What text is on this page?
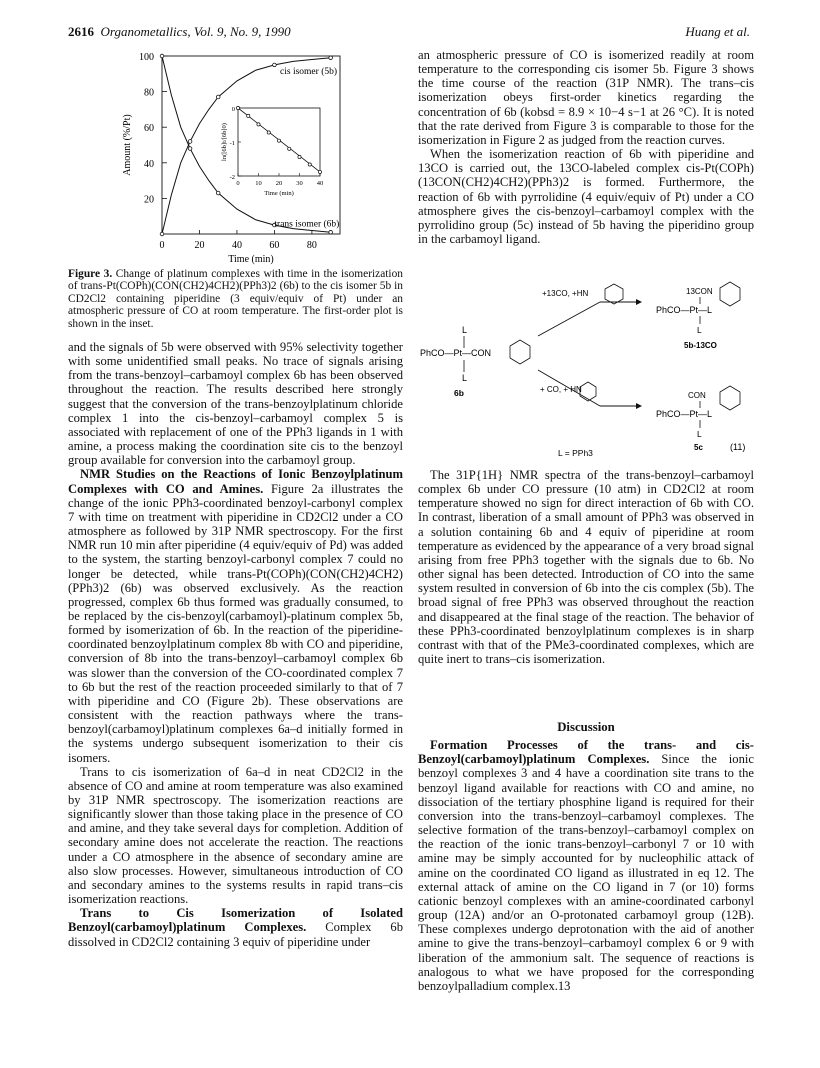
2616 Organometallics, Vol. 9, No. 9, 1990	Huang et al.
20
40
60
80
100
0	20	40	60	80
Time (min)
Amount (%/Pt)
cis isomer (5b)
trans isomer (6b)
0
-1
-2
0 10 20 30 40
Time (min)
ln([6b]t/[6b]0)
Figure 3. Change of platinum complexes with time in the isomerization of trans-Pt(COPh)(CON(CH2)4CH2)(PPh3)2 (6b) to the cis isomer 5b in CD2Cl2 containing piperidine (3 equiv/equiv of Pt) under an atmospheric pressure of CO at room temperature. The first-order plot is shown in the inset.

and the signals of 5b were observed with 95% selectivity together with some unidentified small peaks. No trace of signals arising from the trans-benzoyl–carbamoyl complex 6b has been observed throughout the reaction. The results described here strongly suggest that the conversion of the trans-benzoylplatinum chloride complex 1 into the cis-benzoyl–carbamoyl complex 5 is associated with replacement of one of the PPh3 ligands in 1 with amine, a process making the coordination site cis to the benzoyl group available for conversion into the carbamoyl group.

NMR Studies on the Reactions of Ionic Benzoylplatinum Complexes with CO and Amines. Figure 2a illustrates the change of the ionic PPh3-coordinated benzoyl-carbonyl complex 7 with time on treatment with piperidine in CD2Cl2 under a CO atmosphere as followed by 31P NMR spectroscopy. For the first NMR run 10 min after piperidine (4 equiv/equiv of Pd) was added to the system, the starting benzoyl-carbonyl complex 7 could no longer be detected, while trans-Pt(COPh)(CON(CH2)4CH2)(PPh3)2 (6b) was observed exclusively. As the reaction progressed, complex 6b thus formed was gradually consumed, to be replaced by the cis-benzoyl(carbamoyl)-platinum complex 5b, formed by isomerization of 6b. In the reaction of the piperidine-coordinated benzoylplatinum complex 8b with CO and piperidine, conversion of 8b into the trans-benzoyl–carbamoyl complex 6b was slower than the conversion of the CO-coordinated complex 7 to 6b but the rest of the reaction proceeded similarly to that of 7 with piperidine and CO (Figure 2b). These observations are consistent with the reaction pathways where the trans-benzoyl(carbamoyl)platinum complexes 6a–d initially formed in the systems undergo subsequent isomerization to their cis isomers.

Trans to cis isomerization of 6a–d in neat CD2Cl2 in the absence of CO and amine at room temperature was also examined by 31P NMR spectroscopy. The isomerization reactions are significantly slower than those taking place in the presence of CO and amine, and they take several days for completion. Addition of secondary amine does not accelerate the reaction. The reactions under a CO atmosphere in the absence of secondary amine are also slow processes. However, simultaneous introduction of CO and secondary amines to the systems results in rapid trans–cis isomerization reactions.

Trans to Cis Isomerization of Isolated Benzoyl(carbamoyl)platinum Complexes. Complex 6b dissolved in CD2Cl2 containing 3 equiv of piperidine under

an atmospheric pressure of CO is isomerized readily at room temperature to the corresponding cis isomer 5b. Figure 3 shows the time course of the reaction (31P NMR). The trans–cis isomerization obeys first-order kinetics regarding the concentration of 6b (kobsd = 8.9 × 10−4 s−1 at 26 °C). It is noted that the rate derived from Figure 3 is comparable to those for the isomerization in Figure 2 as judged from the reaction curves.

When the isomerization reaction of 6b with piperidine and 13CO is carried out, the 13CO-labeled complex cis-Pt(COPh)(13CON(CH2)4CH2)(PPh3)2 is formed. Furthermore, the reaction of 6b with pyrrolidine (4 equiv/equiv of Pt) under a CO atmosphere gives the cis-benzoyl–carbamoyl complex with the pyrrolidino group (5c) instead of 5b having the piperidino group in the carbamoyl ligand.

PhCO—Pt—CON
L
L
6b
+13CO, +HN
+ CO, + HN
13CON
PhCO—Pt—L
L
5b-13CO
CON
PhCO—Pt—L
L
5c	(11)
L = PPh3

The 31P{1H} NMR spectra of the trans-benzoyl–carbamoyl complex 6b under CO pressure (10 atm) in CD2Cl2 at room temperature showed no sign for direct interaction of 6b with CO. In contrast, liberation of a small amount of PPh3 was observed in a solution containing 6b and 4 equiv of piperidine at room temperature as evidenced by the appearance of a very broad signal arising from free PPh3 together with the signals due to 6b. No other signal has been detected. Introduction of CO into the same system resulted in conversion of 6b into the cis complex (5b). The broad signal of free PPh3 was observed throughout the reaction and disappeared at the final stage of the reaction. The behavior of these PPh3-coordinated benzoylplatinum complexes is in sharp contrast with that of the PMe3-coordinated complexes, which are quite inert to trans–cis isomerization.

Discussion

Formation Processes of the trans- and cis-Benzoyl(carbamoyl)platinum Complexes. Since the ionic benzoyl complexes 3 and 4 have a coordination site trans to the benzoyl ligand available for reactions with CO and amine, no dissociation of the tertiary phosphine ligand is required for their conversion into the trans-benzoyl–carbamoyl complexes. The selective formation of the trans-benzoyl–carbamoyl complex on the reaction of the ionic trans-benzoyl–carbonyl 7 or 10 with amine may be simply accounted for by nucleophilic attack of amine on the coordinated CO ligand as illustrated in eq 12. The external attack of amine on the CO ligand in 7 (or 10) forms cationic benzoyl complexes with an amine-coordinated carbonyl group (12A) and/or an O-protonated carbamoyl group (12B). These complexes undergo deprotonation with the aid of another amine to give the trans-benzoyl–carbamoyl complex 6 or 9 with liberation of the ammonium salt. The sequence of reactions is analogous to what we have proposed for the corresponding benzoylpalladium complex.13
